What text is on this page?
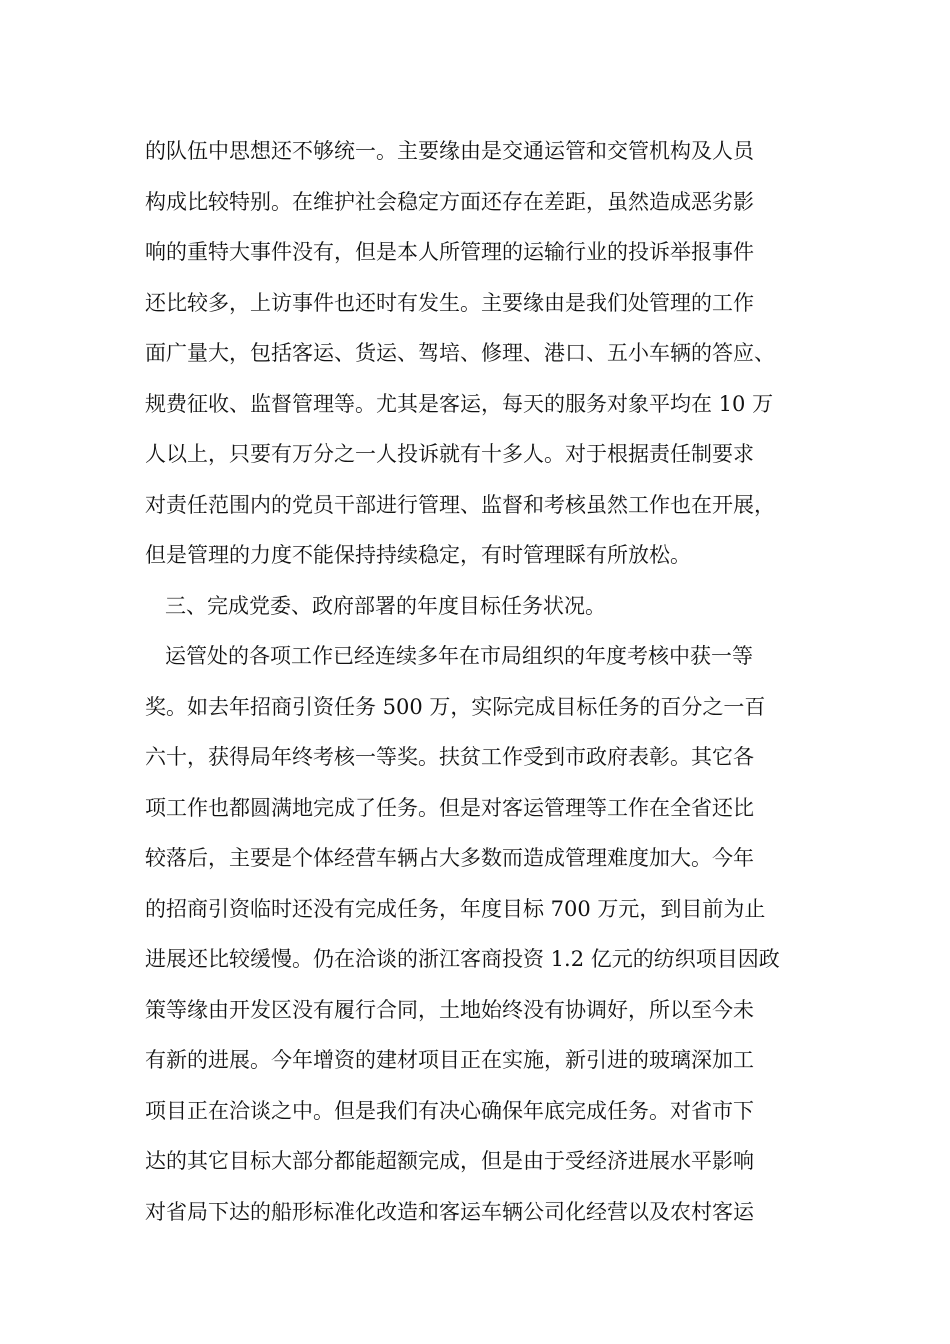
的队伍中思想还不够统一。主要缘由是交通运管和交管机构及人员
构成比较特别。在维护社会稳定方面还存在差距，虽然造成恶劣影
响的重特大事件没有，但是本人所管理的运输行业的投诉举报事件
还比较多，上访事件也还时有发生。主要缘由是我们处管理的工作
面广量大，包括客运、货运、驾培、修理、港口、五小车辆的答应、
规费征收、监督管理等。尤其是客运，每天的服务对象平均在 10 万
人以上，只要有万分之一人投诉就有十多人。对于根据责任制要求
对责任范围内的党员干部进行管理、监督和考核虽然工作也在开展，
但是管理的力度不能保持持续稳定，有时管理睬有所放松。
三、完成党委、政府部署的年度目标任务状况。
运管处的各项工作已经连续多年在市局组织的年度考核中获一等
奖。如去年招商引资任务 500 万，实际完成目标任务的百分之一百
六十，获得局年终考核一等奖。扶贫工作受到市政府表彰。其它各
项工作也都圆满地完成了任务。但是对客运管理等工作在全省还比
较落后，主要是个体经营车辆占大多数而造成管理难度加大。今年
的招商引资临时还没有完成任务，年度目标 700 万元，到目前为止
进展还比较缓慢。仍在洽谈的浙江客商投资 1.2 亿元的纺织项目因政
策等缘由开发区没有履行合同，土地始终没有协调好，所以至今未
有新的进展。今年增资的建材项目正在实施，新引进的玻璃深加工
项目正在洽谈之中。但是我们有决心确保年底完成任务。对省市下
达的其它目标大部分都能超额完成，但是由于受经济进展水平影响
对省局下达的船形标准化改造和客运车辆公司化经营以及农村客运
